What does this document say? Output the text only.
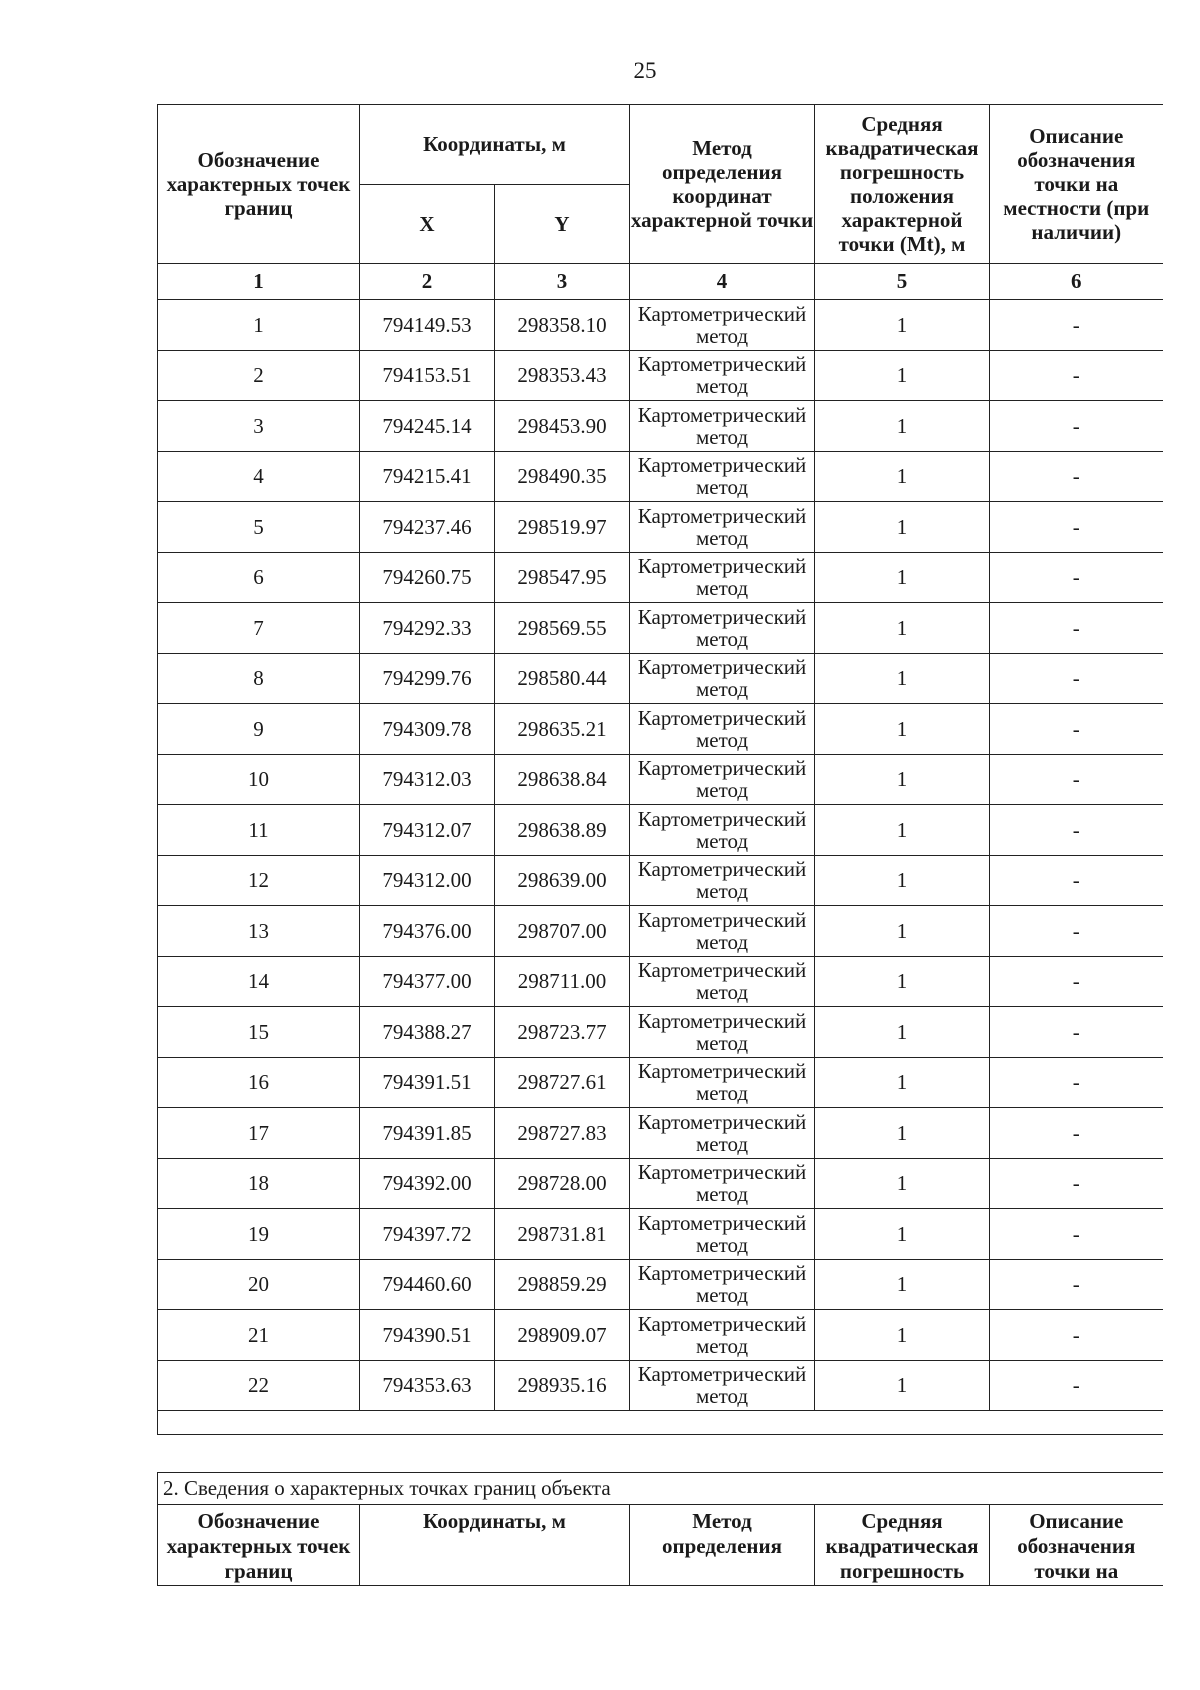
25
Обозначение характерных точек границ	Координаты, м		Метод определения координат характерной точки	Средняя квадратическая погрешность положения характерной точки (Mt), м	Описание обозначения точки на местности (при наличии)
	X	Y			
1	2	3	4	5	6
1	794149.53	298358.10	Картометрический метод	1	-
2	794153.51	298353.43	Картометрический метод	1	-
3	794245.14	298453.90	Картометрический метод	1	-
4	794215.41	298490.35	Картометрический метод	1	-
5	794237.46	298519.97	Картометрический метод	1	-
6	794260.75	298547.95	Картометрический метод	1	-
7	794292.33	298569.55	Картометрический метод	1	-
8	794299.76	298580.44	Картометрический метод	1	-
9	794309.78	298635.21	Картометрический метод	1	-
10	794312.03	298638.84	Картометрический метод	1	-
11	794312.07	298638.89	Картометрический метод	1	-
12	794312.00	298639.00	Картометрический метод	1	-
13	794376.00	298707.00	Картометрический метод	1	-
14	794377.00	298711.00	Картометрический метод	1	-
15	794388.27	298723.77	Картометрический метод	1	-
16	794391.51	298727.61	Картометрический метод	1	-
17	794391.85	298727.83	Картометрический метод	1	-
18	794392.00	298728.00	Картометрический метод	1	-
19	794397.72	298731.81	Картометрический метод	1	-
20	794460.60	298859.29	Картометрический метод	1	-
21	794390.51	298909.07	Картометрический метод	1	-
22	794353.63	298935.16	Картометрический метод	1	-

2. Сведения о характерных точках границ объекта
Обозначение характерных точек границ	Координаты, м	Метод определения	Средняя квадратическая погрешность	Описание обозначения точки на
